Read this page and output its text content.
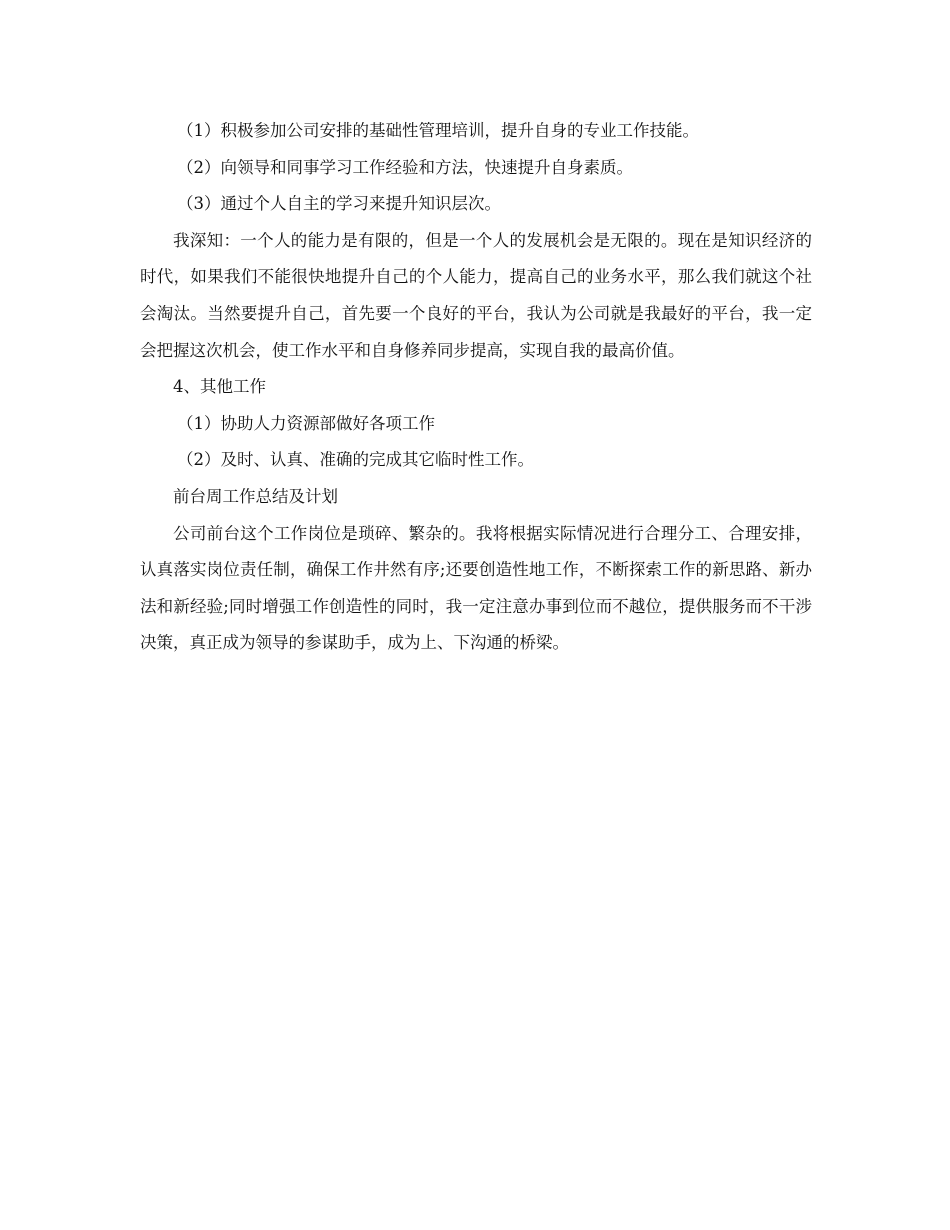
（1）积极参加公司安排的基础性管理培训，提升自身的专业工作技能。
（2）向领导和同事学习工作经验和方法，快速提升自身素质。
（3）通过个人自主的学习来提升知识层次。
我深知：一个人的能力是有限的，但是一个人的发展机会是无限的。现在是知识经济的时代，如果我们不能很快地提升自己的个人能力，提高自己的业务水平，那么我们就这个社会淘汰。当然要提升自己，首先要一个良好的平台，我认为公司就是我最好的平台，我一定会把握这次机会，使工作水平和自身修养同步提高，实现自我的最高价值。
4、其他工作
（1）协助人力资源部做好各项工作
（2）及时、认真、准确的完成其它临时性工作。
前台周工作总结及计划
公司前台这个工作岗位是琐碎、繁杂的。我将根据实际情况进行合理分工、合理安排，认真落实岗位责任制，确保工作井然有序;还要创造性地工作，不断探索工作的新思路、新办法和新经验;同时增强工作创造性的同时，我一定注意办事到位而不越位，提供服务而不干涉决策，真正成为领导的参谋助手，成为上、下沟通的桥梁。
